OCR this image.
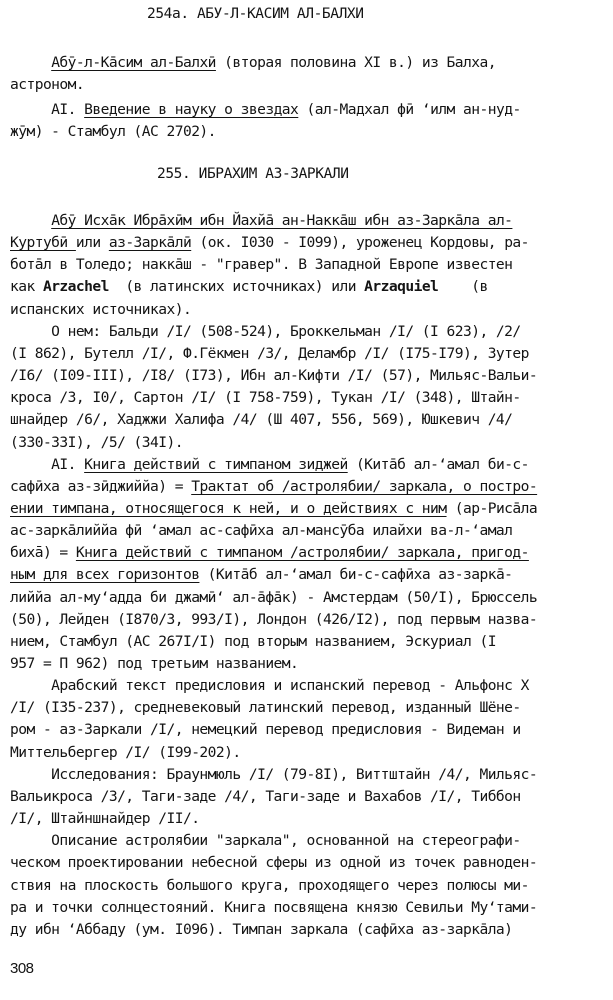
254a. АБУ-Л-КАСИМ АЛ-БАЛХИ
Абӯ-л-Ка̄сим ал-Балхӣ (вторая половина XI в.) из Балха,
астроном.
AI. Введение в науку о звездах (ал-Мадхал фӣ ʻилм ан-нуд-
жӯм) - Стамбул (АС 2702).
255. ИБРАХИМ АЗ-ЗАРКАЛИ
Абӯ Исха̄к Ибра̄хӣм ибн Йахйа̄ ан-Накка̄ш ибн аз-Зарка̄ла ал-
Куртубӣ или аз-Зарка̄лӣ (ок. I030 - I099), уроженец Кордовы, ра-
бота̄л в Толедо; накка̄ш - "гравер". В Западной Европе известен
как Arzachel  (в латинских источниках) или Arzaquiel    (в
испанских источниках).
О нем: Бальди /I/ (508-524), Броккельман /I/ (I 623), /2/
(I 862), Бутелл /I/, Ф.Гёкмен /3/, Деламбр /I/ (I75-I79), Зутер
/I6/ (I09-III), /I8/ (I73), Ибн ал-Кифти /I/ (57), Мильяс-Вальи-
кроса /3, I0/, Сартон /I/ (I 758-759), Тукан /I/ (348), Штайн-
шнайдер /6/, Хаджжи Халифа /4/ (Ш 407, 556, 569), Юшкевич /4/
(330-33I), /5/ (34I).
AI. Книга действий с тимпаном зиджей (Кита̄б ал-ʻамал би-с-
сафӣха аз-зӣджиййа) = Трактат об /астролябии/ заркала, о постро-
ении тимпана, относящегося к ней, и о действиях с ним (ар-Риса̄ла
ас-зарка̄лиййа фӣ ʻамал ас-сафӣха ал-мансӯба илайхи ва-л-ʻамал
бихā) = Книга действий с тимпаном /астролябии/ заркала, пригод-
ным для всех горизонтов (Кита̄б ал-ʻамал би-с-сафӣха аз-зарка̄-
лиййа ал-муʻадда би джамӣʻ ал-а̄фа̄к) - Амстердам (50/I), Брюссель
(50), Лейден (I870/3, 993/I), Лондон (426/I2), под первым назва-
нием, Стамбул (АС 267I/I) под вторым названием, Эскуриал (I
957 = П 962) под третьим названием.
Арабский текст предисловия и испанский перевод - Альфонс X
/I/ (I35-237), средневековый латинский перевод, изданный Шёне-
ром - аз-Заркали /I/, немецкий перевод предисловия - Видеман и
Миттельбергер /I/ (I99-202).
Исследования: Браунмюль /I/ (79-8I), Виттштайн /4/, Мильяс-
Вальикроса /3/, Таги-заде /4/, Таги-заде и Вахабов /I/, Тиббон
/I/, Штайншнайдер /II/.
Описание астролябии "заркала", основанной на стереографи-
ческом проектировании небесной сферы из одной из точек равноден-
ствия на плоскость большого круга, проходящего через полюсы ми-
ра и точки солнцестояний. Книга посвящена князю Севильи Муʻтами-
ду ибн ʻАббаду (ум. I096). Тимпан заркала (сафӣха аз-зарка̄ла)
308
